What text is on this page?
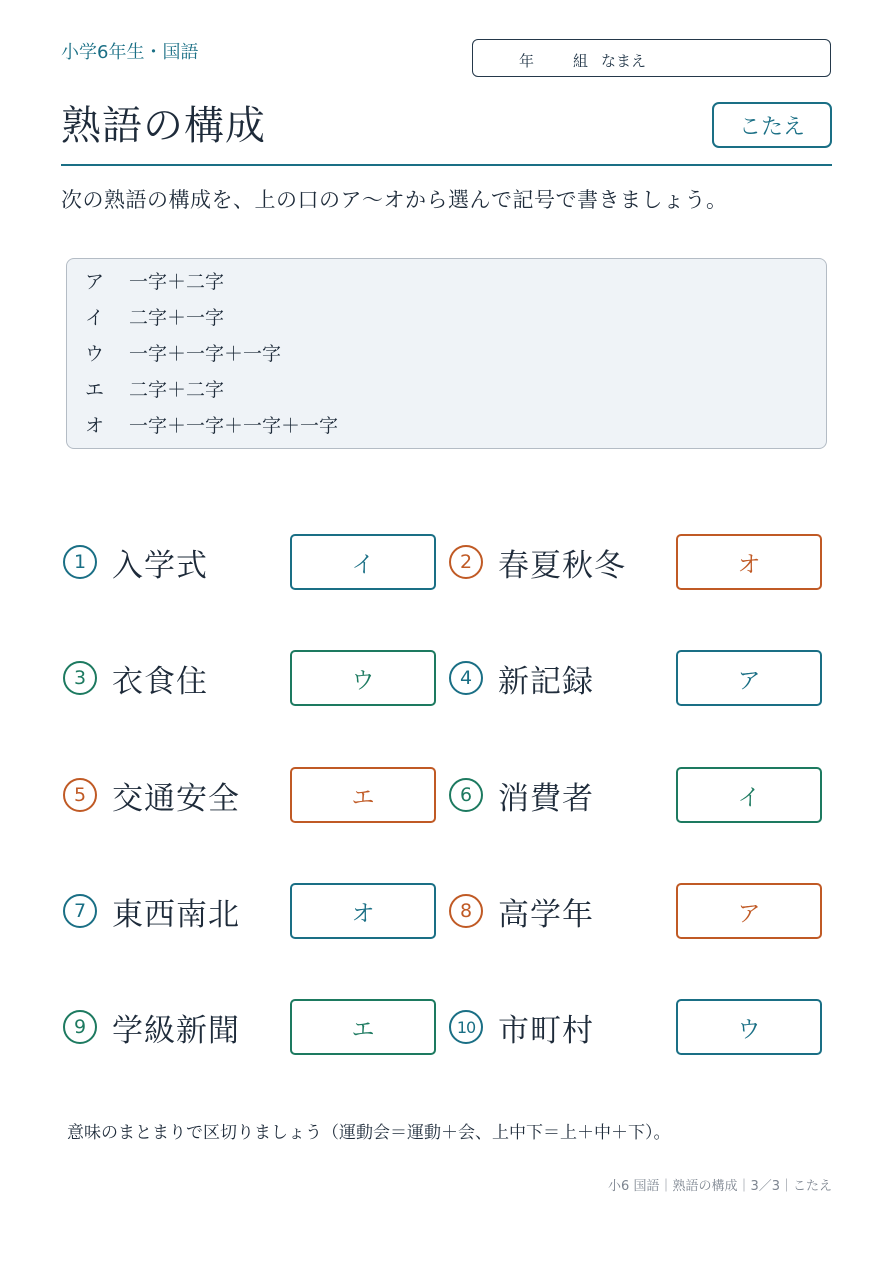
小学6年生・国語	年	組 なまえ
熟語の構成	こたえ
次の熟語の構成を、上の口のア〜オから選んで記号で書きましょう。
ア 一字＋二字
イ 二字＋一字
ウ 一字＋一字＋一字
エ 二字＋二字
オ 一字＋一字＋一字＋一字
1 入学式	イ	2 春夏秋冬	オ
3 衣食住	ウ	4 新記録	ア
5 交通安全	エ	6 消費者	イ
7 東西南北	オ	8 高学年	ア
9 学級新聞	エ	10 市町村	ウ
意味のまとまりで区切りましょう（運動会＝運動＋会、上中下＝上＋中＋下）。
小6 国語｜熟語の構成｜3／3｜こたえ
